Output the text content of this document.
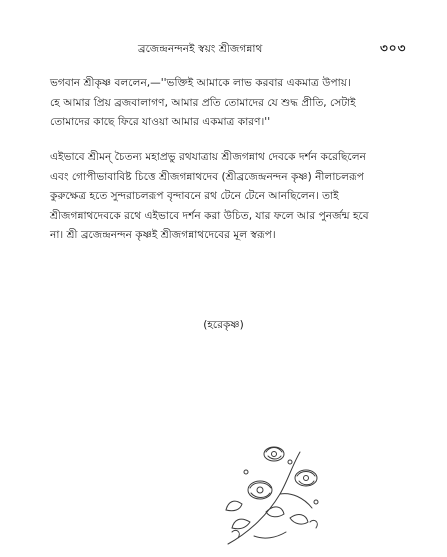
ব্রজেন্দ্রনন্দনই স্বয়ং শ্রীজগন্নাথ	৩০৩
ভগবান শ্রীকৃষ্ণ বললেন,—''ভক্তিই আমাকে লাভ করবার একমাত্র উপায়।
হে আমার প্রিয় ব্রজবালাগণ, আমার প্রতি তোমাদের যে শুদ্ধ প্রীতি, সেটাই
তোমাদের কাছে ফিরে যাওয়া আমার একমাত্র কারণ।''
এইভাবে শ্রীমন্ চৈতন্য মহাপ্রভু রথযাত্রায় শ্রীজগন্নাথ দেবকে দর্শন করেছিলেন
এবং গোপীভাবাবিষ্ট চিত্তে শ্রীজগন্নাথদেব (শ্রীব্রজেন্দ্রনন্দন কৃষ্ণ) নীলাচলরূপ
কুরুক্ষেত্র হতে সুন্দরাচলরূপ বৃন্দাবনে রথ টেনে টেনে আনছিলেন। তাই
শ্রীজগন্নাথদেবকে রথে এইভাবে দর্শন করা উচিত, যার ফলে আর পুনর্জন্ম হবে
না। শ্রী ব্রজেন্দ্রনন্দন কৃষ্ণই শ্রীজগন্নাথদেবের মূল স্বরূপ।
(হরেকৃষ্ণ)
